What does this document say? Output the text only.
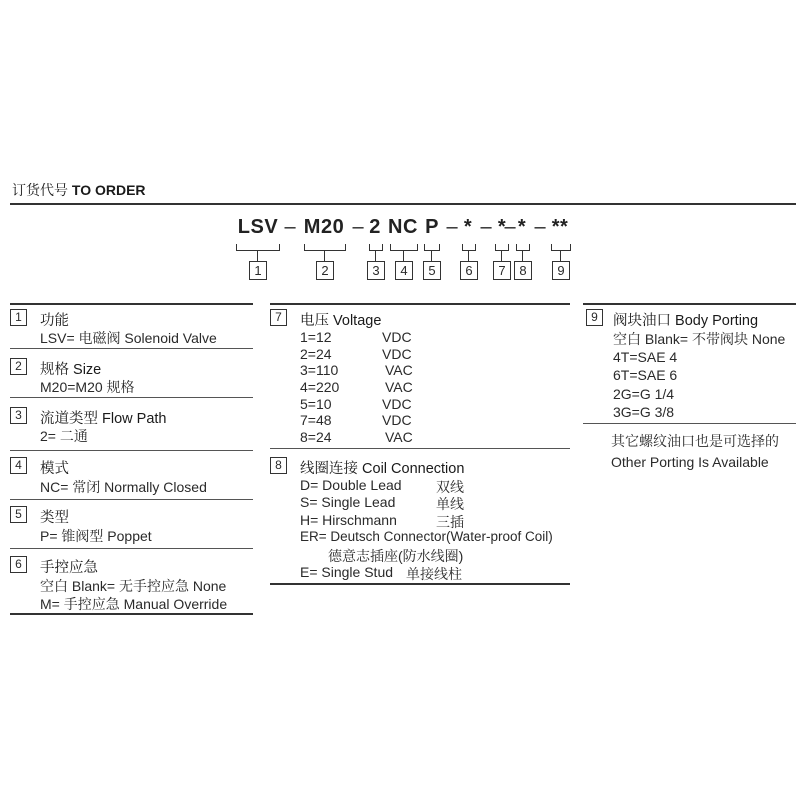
订货代号 TO ORDER
LSV – M20 – 2 NC P – * – *
– * – **
1	2	3	4	5	6	7	8	9
1	功能
LSV= 电磁阀 Solenoid Valve
2	规格 Size
M20=M20 规格
3	流道类型 Flow Path
2= 二通
4	模式
NC= 常闭 Normally Closed
5	类型
P= 锥阀型 Poppet
6	手控应急
空白 Blank= 无手控应急 None
M= 手控应急 Manual Override
7	电压 Voltage
1=12	VDC
2=24	VDC
3=110	VAC
4=220	VAC
5=10	VDC
7=48	VDC
8=24	VAC
8	线圈连接 Coil Connection
D= Double Lead 双线
S= Single Lead	单线
H= Hirschmann	三插
ER= Deutsch Connector(Water-proof Coil)
德意志插座(防水线圈)
E= Single Stud 单接线柱
9	阀块油口 Body Porting
空白 Blank= 不带阀块 None
4T=SAE 4
6T=SAE 6
2G=G 1/4
3G=G 3/8
其它螺纹油口也是可选择的
Other Porting Is Available
